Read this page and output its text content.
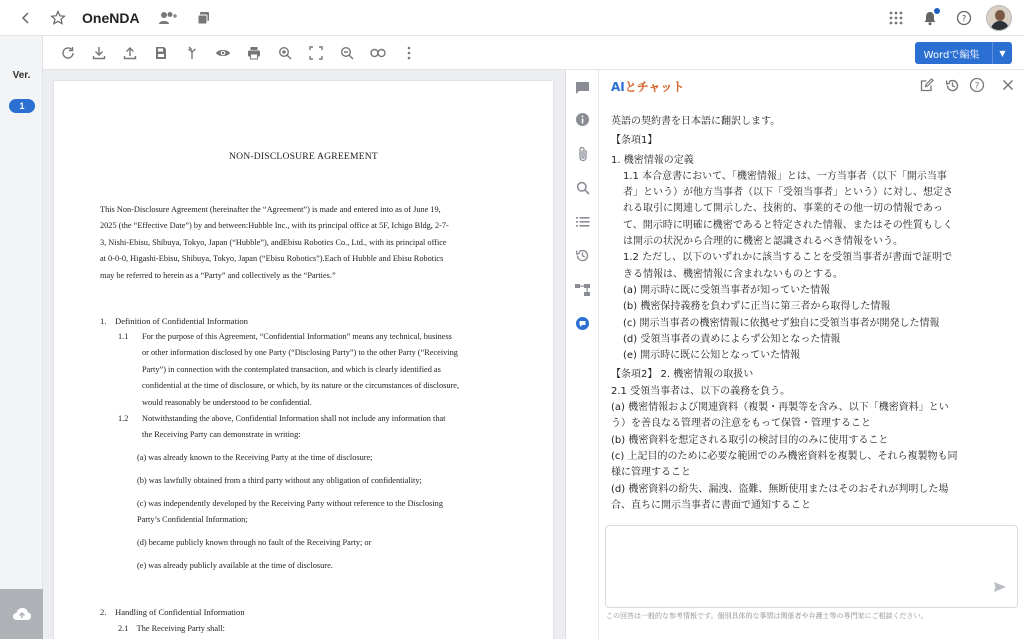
OneNDA	?
Ver.
1
Wordで編集	▼
NON-DISCLOSURE AGREEMENT
This Non-Disclosure Agreement (hereinafter the “Agreement”) is made and entered into as of June 19,
2025 (the “Effective Date”) by and between:Hubble Inc., with its principal office at 5F, Ichigo Bldg, 2-7-
3, Nishi-Ebisu, Shibuya, Tokyo, Japan (“Hubble”), andEbisu Robotics Co., Ltd., with its principal office
at 0-0-0, Higashi-Ebisu, Shibuya, Tokyo, Japan (“Ebisu Robotics”).Each of Hubble and Ebisu Robotics
may be referred to herein as a “Party” and collectively as the “Parties.”
1.    Definition of Confidential Information
1.1 For the purpose of this Agreement, “Confidential Information” means any technical, business
or other information disclosed by one Party (“Disclosing Party”) to the other Party (“Receiving
Party”) in connection with the contemplated transaction, and which is clearly identified as
confidential at the time of disclosure, or which, by its nature or the circumstances of disclosure,
would reasonably be understood to be confidential.
1.2 Notwithstanding the above, Confidential Information shall not include any information that
the Receiving Party can demonstrate in writing:
(a) was already known to the Receiving Party at the time of disclosure;
(b) was lawfully obtained from a third party without any obligation of confidentiality;
(c) was independently developed by the Receiving Party without reference to the Disclosing
Party’s Confidential Information;
(d) became publicly known through no fault of the Receiving Party; or
(e) was already publicly available at the time of disclosure.
2.    Handling of Confidential Information
2.1    The Receiving Party shall:
AIとチャット	?
英語の契約書を日本語に翻訳します。
【条項1】
1. 機密情報の定義
1.1 本合意書において、「機密情報」とは、一方当事者（以下「開示当事
者」という）が他方当事者（以下「受領当事者」という）に対し、想定さ
れる取引に関連して開示した、技術的、事業的その他一切の情報であっ
て、開示時に明確に機密であると特定された情報、またはその性質もしく
は開示の状況から合理的に機密と認識されるべき情報をいう。
1.2 ただし、以下のいずれかに該当することを受領当事者が書面で証明で
きる情報は、機密情報に含まれないものとする。
(a) 開示時に既に受領当事者が知っていた情報
(b) 機密保持義務を負わずに正当に第三者から取得した情報
(c) 開示当事者の機密情報に依拠せず独自に受領当事者が開発した情報
(d) 受領当事者の責めによらず公知となった情報
(e) 開示時に既に公知となっていた情報
【条項2】 2. 機密情報の取扱い
2.1 受領当事者は、以下の義務を負う。
(a) 機密情報および関連資料（複製・再製等を含み、以下「機密資料」とい
う）を善良なる管理者の注意をもって保管・管理すること
(b) 機密資料を想定される取引の検討目的のみに使用すること
(c) 上記目的のために必要な範囲でのみ機密資料を複製し、それら複製物も同
様に管理すること
(d) 機密資料の紛失、漏洩、盗難、無断使用またはそのおそれが判明した場
合、直ちに開示当事者に書面で通知すること
この回答は一般的な参考情報です。個別具体的な事情は関係者や弁護士等の専門家にご相談ください。
